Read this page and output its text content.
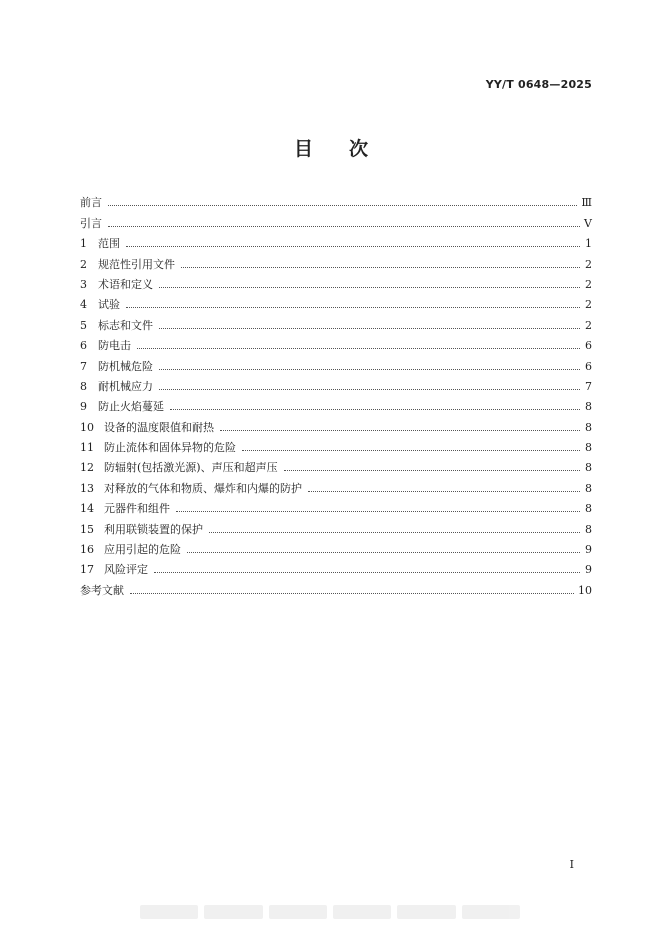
YY/T 0648—2025
目次
前言	Ⅲ
引言	Ⅴ
1	范围	1
2	规范性引用文件	2
3	术语和定义	2
4	试验	2
5	标志和文件	2
6	防电击	6
7	防机械危险	6
8	耐机械应力	7
9	防止火焰蔓延	8
10 设备的温度限值和耐热	8
11 防止流体和固体异物的危险	8
12 防辐射(包括激光源)、声压和超声压	8
13 对释放的气体和物质、爆炸和内爆的防护	8
14 元器件和组件	8
15 利用联锁装置的保护	8
16 应用引起的危险	9
17 风险评定	9
参考文献	10
I
